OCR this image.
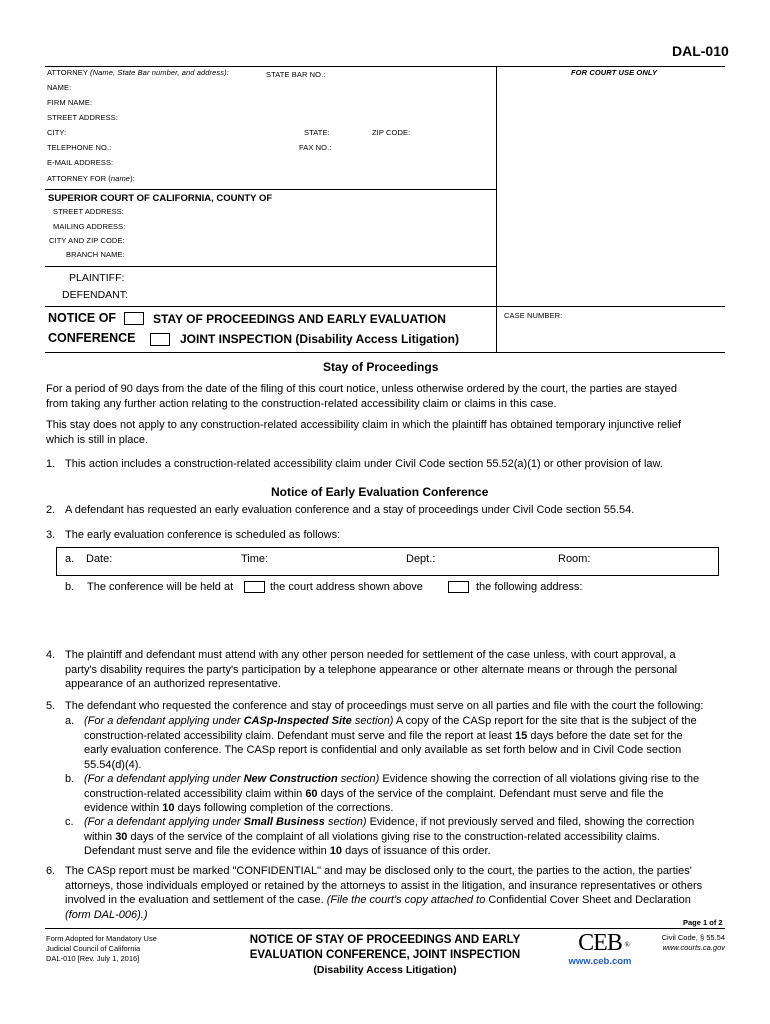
DAL-010
ATTORNEY (Name, State Bar number, and address):	STATE BAR NO.:	FOR COURT USE ONLY
NAME:
FIRM NAME:
STREET ADDRESS:
CITY:	STATE:	ZIP CODE:
TELEPHONE NO.:	FAX NO.:
E-MAIL ADDRESS:
ATTORNEY FOR (name):
SUPERIOR COURT OF CALIFORNIA, COUNTY OF
STREET ADDRESS:
MAILING ADDRESS:
CITY AND ZIP CODE:
BRANCH NAME:
PLAINTIFF:
DEFENDANT:
NOTICE OF
CONFERENCE
STAY OF PROCEEDINGS AND EARLY EVALUATION
JOINT INSPECTION (Disability Access Litigation)
CASE NUMBER:
Stay of Proceedings
For a period of 90 days from the date of the filing of this court notice, unless otherwise ordered by the court, the parties are stayed
from taking any further action relating to the construction-related accessibility claim or claims in this case.
This stay does not apply to any construction-related accessibility claim in which the plaintiff has obtained temporary injunctive relief
which is still in place.
1. This action includes a construction-related accessibility claim under Civil Code section 55.52(a)(1) or other provision of law.
Notice of Early Evaluation Conference
2. A defendant has requested an early evaluation conference and a stay of proceedings under Civil Code section 55.54.
3. The early evaluation conference is scheduled as follows:
a. Date:	Time:	Dept.:	Room:
b. The conference will be held at	the court address shown above	the following address:
4. The plaintiff and defendant must attend with any other person needed for settlement of the case unless, with court approval, a
party's disability requires the party's participation by a telephone appearance or other alternate means or through the personal
appearance of an authorized representative.
5. The defendant who requested the conference and stay of proceedings must serve on all parties and file with the court the following:
a. (For a defendant applying under CASp-Inspected Site section) A copy of the CASp report for the site that is the subject of the
construction-related accessibility claim. Defendant must serve and file the report at least 15 days before the date set for the
early evaluation conference. The CASp report is confidential and only available as set forth below and in Civil Code section
55.54(d)(4).
b. (For a defendant applying under New Construction section) Evidence showing the correction of all violations giving rise to the
construction-related accessibility claim within 60 days of the service of the complaint. Defendant must serve and file the
evidence within 10 days following completion of the corrections.
c. (For a defendant applying under Small Business section) Evidence, if not previously served and filed, showing the correction
within 30 days of the service of the complaint of all violations giving rise to the construction-related accessibility claims.
Defendant must serve and file the evidence within 10 days of issuance of this order.
6. The CASp report must be marked "CONFIDENTIAL" and may be disclosed only to the court, the parties to the action, the parties'
attorneys, those individuals employed or retained by the attorneys to assist in the litigation, and insurance representatives or others
involved in the evaluation and settlement of the case. (File the court's copy attached to Confidential Cover Sheet and Declaration
(form DAL-006).)
Page 1 of 2
Form Adopted for Mandatory Use
Judicial Council of California
DAL-010 [Rev. July 1, 2016]
NOTICE OF STAY OF PROCEEDINGS AND EARLY
EVALUATION CONFERENCE, JOINT INSPECTION
(Disability Access Litigation)
CEB ®
www.ceb.com
Civil Code, § 55.54
www.courts.ca.gov
